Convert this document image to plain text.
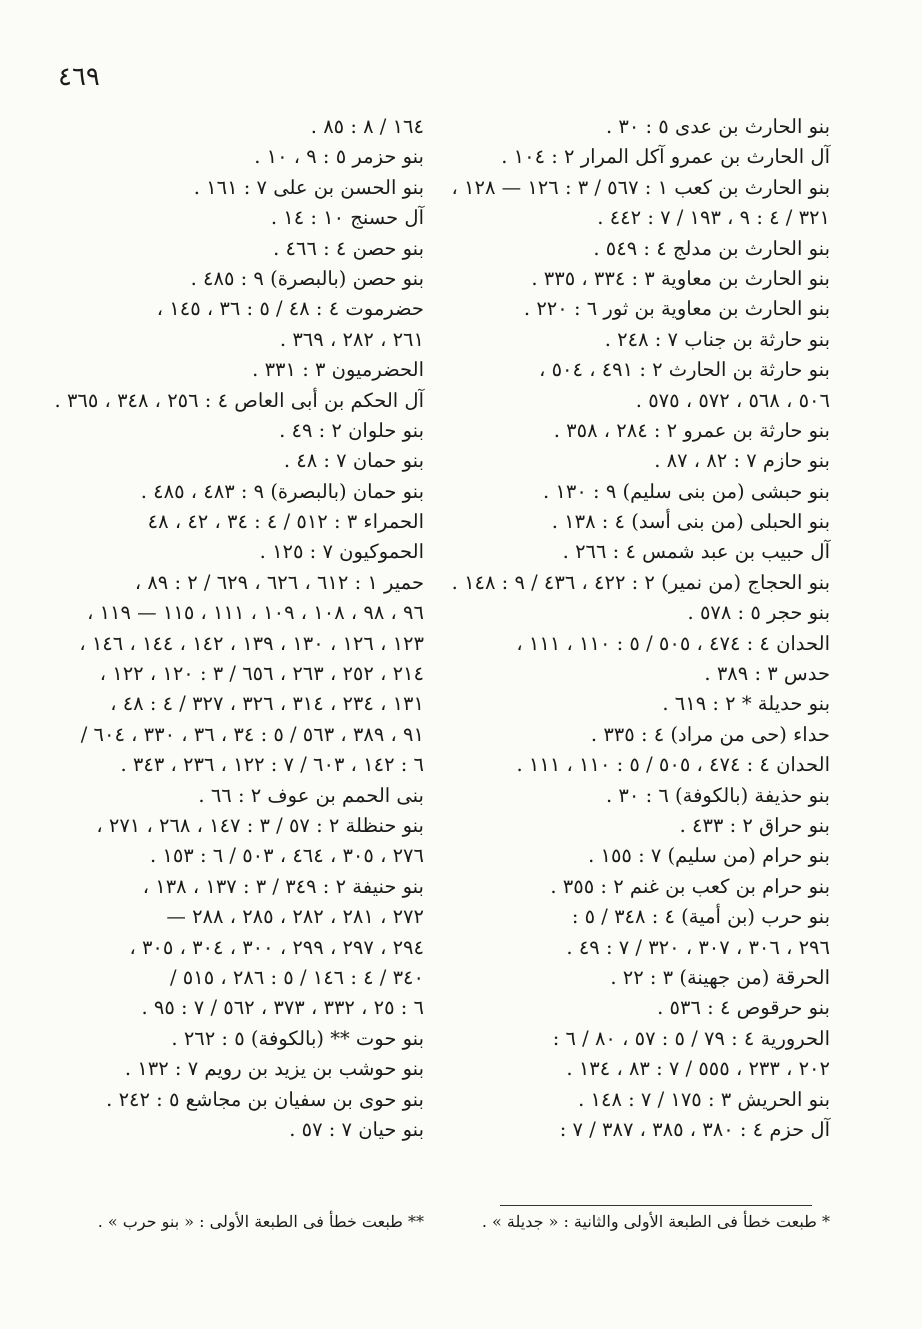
٤٦٩
بنو الحارث بن عدى ٥ : ٣٠ .
آل الحارث بن عمرو آكل المرار ٢ : ١٠٤ .
بنو الحارث بن كعب ١ : ٥٦٧ / ٣ : ١٢٦ — ١٢٨ ،
٣٢١ / ٤ : ٩ ، ١٩٣ / ٧ : ٤٤٢ .
بنو الحارث بن مدلج ٤ : ٥٤٩ .
بنو الحارث بن معاوية ٣ : ٣٣٤ ، ٣٣٥ .
بنو الحارث بن معاوية بن ثور ٦ : ٢٢٠ .
بنو حارثة بن جناب ٧ : ٢٤٨ .
بنو حارثة بن الحارث ٢ : ٤٩١ ، ٥٠٤ ،
٥٠٦ ، ٥٦٨ ، ٥٧٢ ، ٥٧٥ .
بنو حارثة بن عمرو ٢ : ٢٨٤ ، ٣٥٨ .
بنو حازم ٧ : ٨٢ ، ٨٧ .
بنو حبشى (من بنى سليم) ٩ : ١٣٠ .
بنو الحبلى (من بنى أسد) ٤ : ١٣٨ .
آل حبيب بن عبد شمس ٤ : ٢٦٦ .
بنو الحجاج (من نمير) ٢ : ٤٢٢ ، ٤٣٦ / ٩ : ١٤٨ .
بنو حجر ٥ : ٥٧٨ .
الحدان ٤ : ٤٧٤ ، ٥٠٥ / ٥ : ١١٠ ، ١١١ ،
حدس ٣ : ٣٨٩ .
بنو حديلة * ٢ : ٦١٩ .
حداء (حى من مراد) ٤ : ٣٣٥ .
الحدان ٤ : ٤٧٤ ، ٥٠٥ / ٥ : ١١٠ ، ١١١ .
بنو حذيفة (بالكوفة) ٦ : ٣٠ .
بنو حراق ٢ : ٤٣٣ .
بنو حرام (من سليم) ٧ : ١٥٥ .
بنو حرام بن كعب بن غنم ٢ : ٣٥٥ .
بنو حرب (بن أمية) ٤ : ٣٤٨ / ٥ :
٢٩٦ ، ٣٠٦ ، ٣٠٧ ، ٣٢٠ / ٧ : ٤٩ .
الحرقة (من جهينة) ٣ : ٢٢ .
بنو حرقوص ٤ : ٥٣٦ .
الحرورية ٤ : ٧٩ / ٥ : ٥٧ ، ٨٠ / ٦ :
٢٠٢ ، ٢٣٣ ، ٥٥٥ / ٧ : ٨٣ ، ١٣٤ .
بنو الحريش ٣ : ١٧٥ / ٧ : ١٤٨ .
آل حزم ٤ : ٣٨٠ ، ٣٨٥ ، ٣٨٧ / ٧ :
١٦٤ / ٨ : ٨٥ .
بنو حزمر ٥ : ٩ ، ١٠ .
بنو الحسن بن على ٧ : ١٦١ .
آل حسنج ١٠ : ١٤ .
بنو حصن ٤ : ٤٦٦ .
بنو حصن (بالبصرة) ٩ : ٤٨٥ .
حضرموت ٤ : ٤٨ / ٥ : ٣٦ ، ١٤٥ ،
٢٦١ ، ٢٨٢ ، ٣٦٩ .
الحضرميون ٣ : ٣٣١ .
آل الحكم بن أبى العاص ٤ : ٢٥٦ ، ٣٤٨ ، ٣٦٥ .
بنو حلوان ٢ : ٤٩ .
بنو حمان ٧ : ٤٨ .
بنو حمان (بالبصرة) ٩ : ٤٨٣ ، ٤٨٥ .
الحمراء ٣ : ٥١٢ / ٤ : ٣٤ ، ٤٢ ، ٤٨
الحموكيون ٧ : ١٢٥ .
حمير ١ : ٦١٢ ، ٦٢٦ ، ٦٢٩ / ٢ : ٨٩ ،
٩٦ ، ٩٨ ، ١٠٨ ، ١٠٩ ، ١١١ ، ١١٥ — ١١٩ ،
١٢٣ ، ١٢٦ ، ١٣٠ ، ١٣٩ ، ١٤٢ ، ١٤٤ ، ١٤٦ ،
٢١٤ ، ٢٥٢ ، ٢٦٣ ، ٦٥٦ / ٣ : ١٢٠ ، ١٢٢ ،
١٣١ ، ٢٣٤ ، ٣١٤ ، ٣٢٦ ، ٣٢٧ / ٤ : ٤٨ ،
٩١ ، ٣٨٩ ، ٥٦٣ / ٥ : ٣٤ ، ٣٦ ، ٣٣٠ ، ٦٠٤ /
٦ : ١٤٢ ، ٦٠٣ / ٧ : ١٢٢ ، ٢٣٦ ، ٣٤٣ .
بنى الحمم بن عوف ٢ : ٦٦ .
بنو حنظلة ٢ : ٥٧ / ٣ : ١٤٧ ، ٢٦٨ ، ٢٧١ ،
٢٧٦ ، ٣٠٥ ، ٤٦٤ ، ٥٠٣ / ٦ : ١٥٣ .
بنو حنيفة ٢ : ٣٤٩ / ٣ : ١٣٧ ، ١٣٨ ،
٢٧٢ ، ٢٨١ ، ٢٨٢ ، ٢٨٥ ، ٢٨٨ —
٢٩٤ ، ٢٩٧ ، ٢٩٩ ، ٣٠٠ ، ٣٠٤ ، ٣٠٥ ،
٣٤٠ / ٤ : ١٤٦ / ٥ : ٢٨٦ ، ٥١٥ /
٦ : ٢٥ ، ٣٣٢ ، ٣٧٣ ، ٥٦٢ / ٧ : ٩٥ .
بنو حوت ** (بالكوفة) ٥ : ٢٦٢ .
بنو حوشب بن يزيد بن رويم ٧ : ١٣٢ .
بنو حوى بن سفيان بن مجاشع ٥ : ٢٤٢ .
بنو حيان ٧ : ٥٧ .
* طبعت خطأ فى الطبعة الأولى والثانية : « جديلة » .
** طبعت خطأ فى الطبعة الأولى : « بنو حرب » .
